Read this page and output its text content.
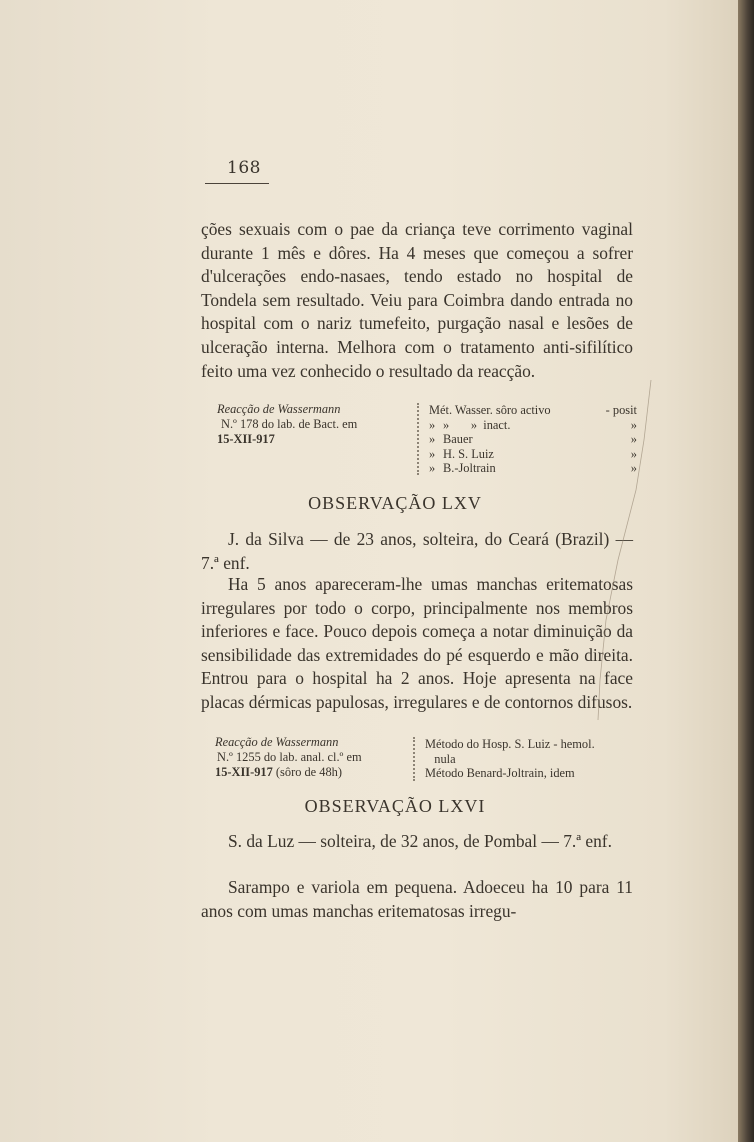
168

ções sexuais com o pae da criança teve corrimento vaginal durante 1 mês e dôres. Ha 4 meses que começou a sofrer d'ulcerações endo-nasaes, tendo estado no hospital de Tondela sem resultado. Veiu para Coimbra dando entrada no hospital com o nariz tumefeito, purgação nasal e lesões de ulceração interna. Melhora com o tratamento anti-sifilítico feito uma vez conhecido o resultado da reacção.

Reacção de Wassermann
N.º 178 do lab. de Bact. em
15-XII-917
Mét. Wasser. sôro activo	- posit
» »       »  inact.	»
» Bauer	»
» H. S. Luiz	»
» B.-Joltrain	»
OBSERVAÇÃO LXV

J. da Silva — de 23 anos, solteira, do Ceará (Brazil) — 7.ª enf.

Ha 5 anos apareceram-lhe umas manchas eritematosas irregulares por todo o corpo, principalmente nos membros inferiores e face. Pouco depois começa a notar diminuição da sensibilidade das extremidades do pé esquerdo e mão direita. Entrou para o hospital ha 2 anos. Hoje apresenta na face placas dérmicas papulosas, irregulares e de contornos difusos.

Reacção de Wassermann
N.º 1255 do lab. anal. cl.º em
15-XII-917 (sôro de 48h)
Método do Hosp. S. Luiz - hemol.
nula
Método Benard-Joltrain, idem
OBSERVAÇÃO LXVI

S. da Luz — solteira, de 32 anos, de Pombal — 7.ª enf.

Sarampo e variola em pequena. Adoeceu ha 10 para 11 anos com umas manchas eritematosas irregu-
